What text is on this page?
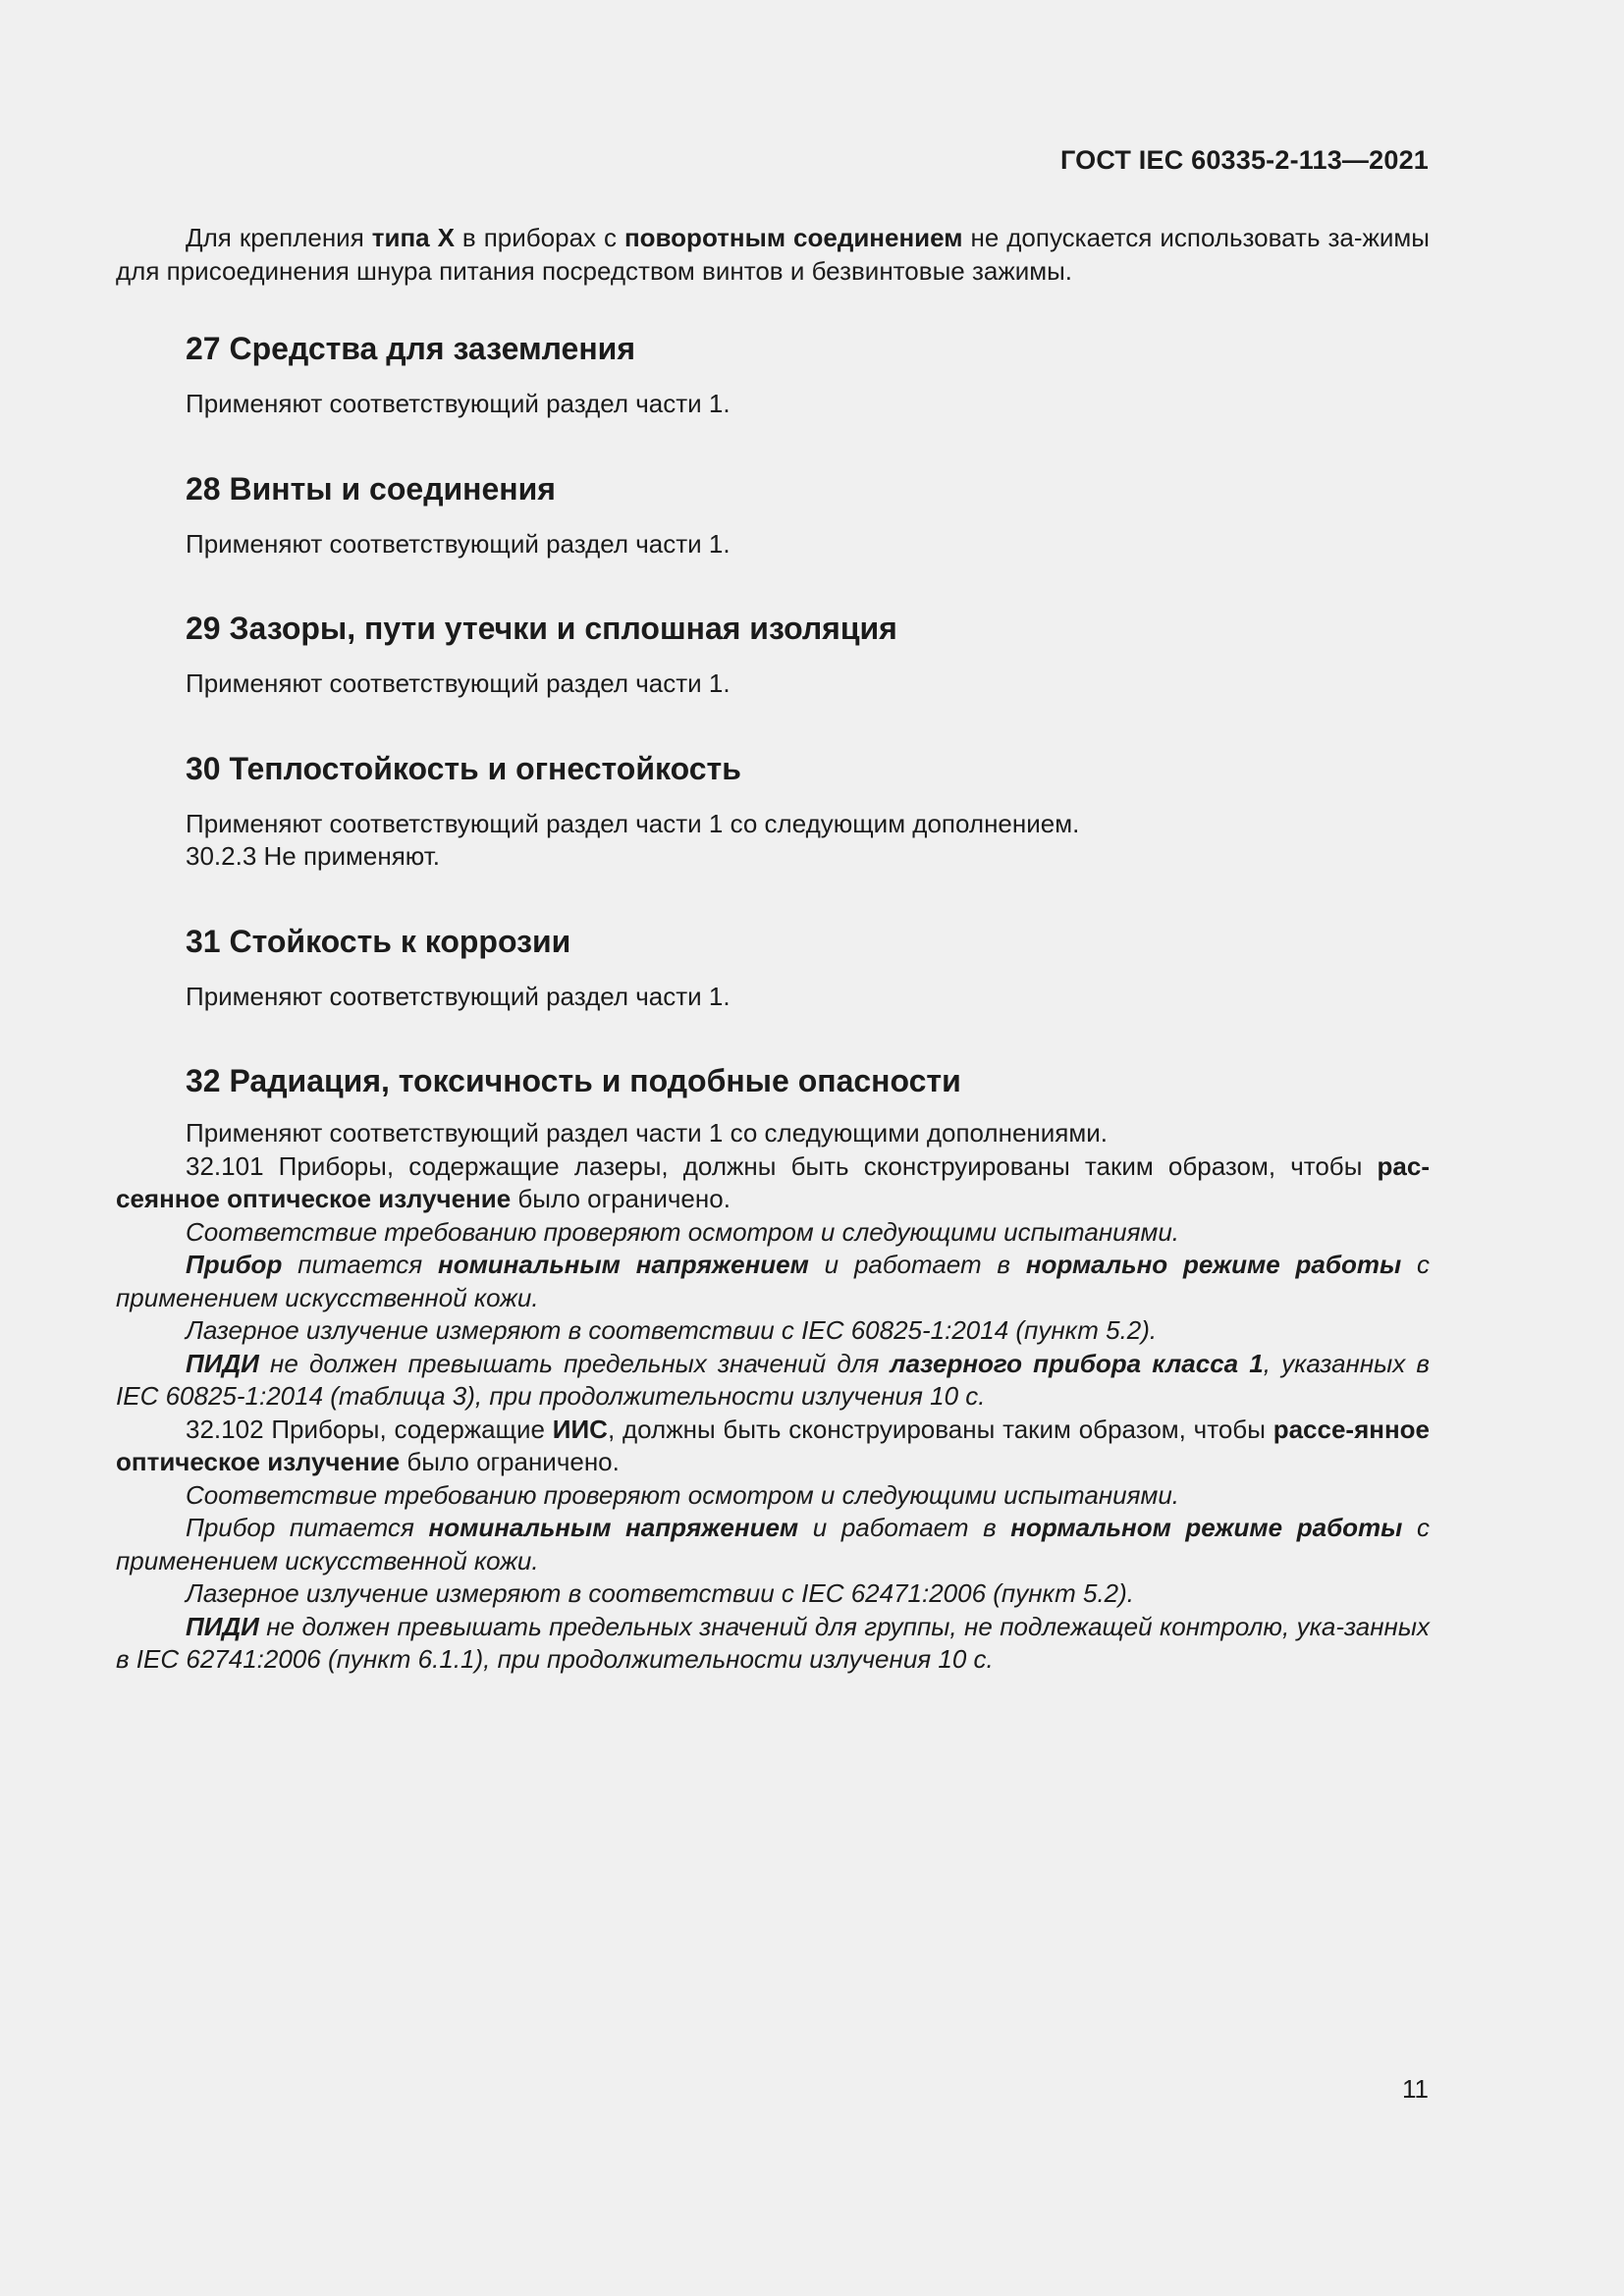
ГОСТ IEC 60335-2-113—2021

Для крепления типа X в приборах с поворотным соединением не допускается использовать за-жимы для присоединения шнура питания посредством винтов и безвинтовые зажимы.

27 Средства для заземления

Применяют соответствующий раздел части 1.

28 Винты и соединения

Применяют соответствующий раздел части 1.

29 Зазоры, пути утечки и сплошная изоляция

Применяют соответствующий раздел части 1.

30 Теплостойкость и огнестойкость

Применяют соответствующий раздел части 1 со следующим дополнением.

30.2.3 Не применяют.

31 Стойкость к коррозии

Применяют соответствующий раздел части 1.

32 Радиация, токсичность и подобные опасности

Применяют соответствующий раздел части 1 со следующими дополнениями.

32.101 Приборы, содержащие лазеры, должны быть сконструированы таким образом, чтобы рас-сеянное оптическое излучение было ограничено.

Соответствие требованию проверяют осмотром и следующими испытаниями.

Прибор питается номинальным напряжением и работает в нормально режиме работы с применением искусственной кожи.

Лазерное излучение измеряют в соответствии с IEC 60825-1:2014 (пункт 5.2).

ПИДИ не должен превышать предельных значений для лазерного прибора класса 1, указанных в IEC 60825-1:2014 (таблица 3), при продолжительности излучения 10 с.

32.102 Приборы, содержащие ИИС, должны быть сконструированы таким образом, чтобы рассе-янное оптическое излучение было ограничено.

Соответствие требованию проверяют осмотром и следующими испытаниями.

Прибор питается номинальным напряжением и работает в нормальном режиме работы с применением искусственной кожи.

Лазерное излучение измеряют в соответствии с IEC 62471:2006 (пункт 5.2).

ПИДИ не должен превышать предельных значений для группы, не подлежащей контролю, ука-занных в IEC 62741:2006 (пункт 6.1.1), при продолжительности излучения 10 с.

11
